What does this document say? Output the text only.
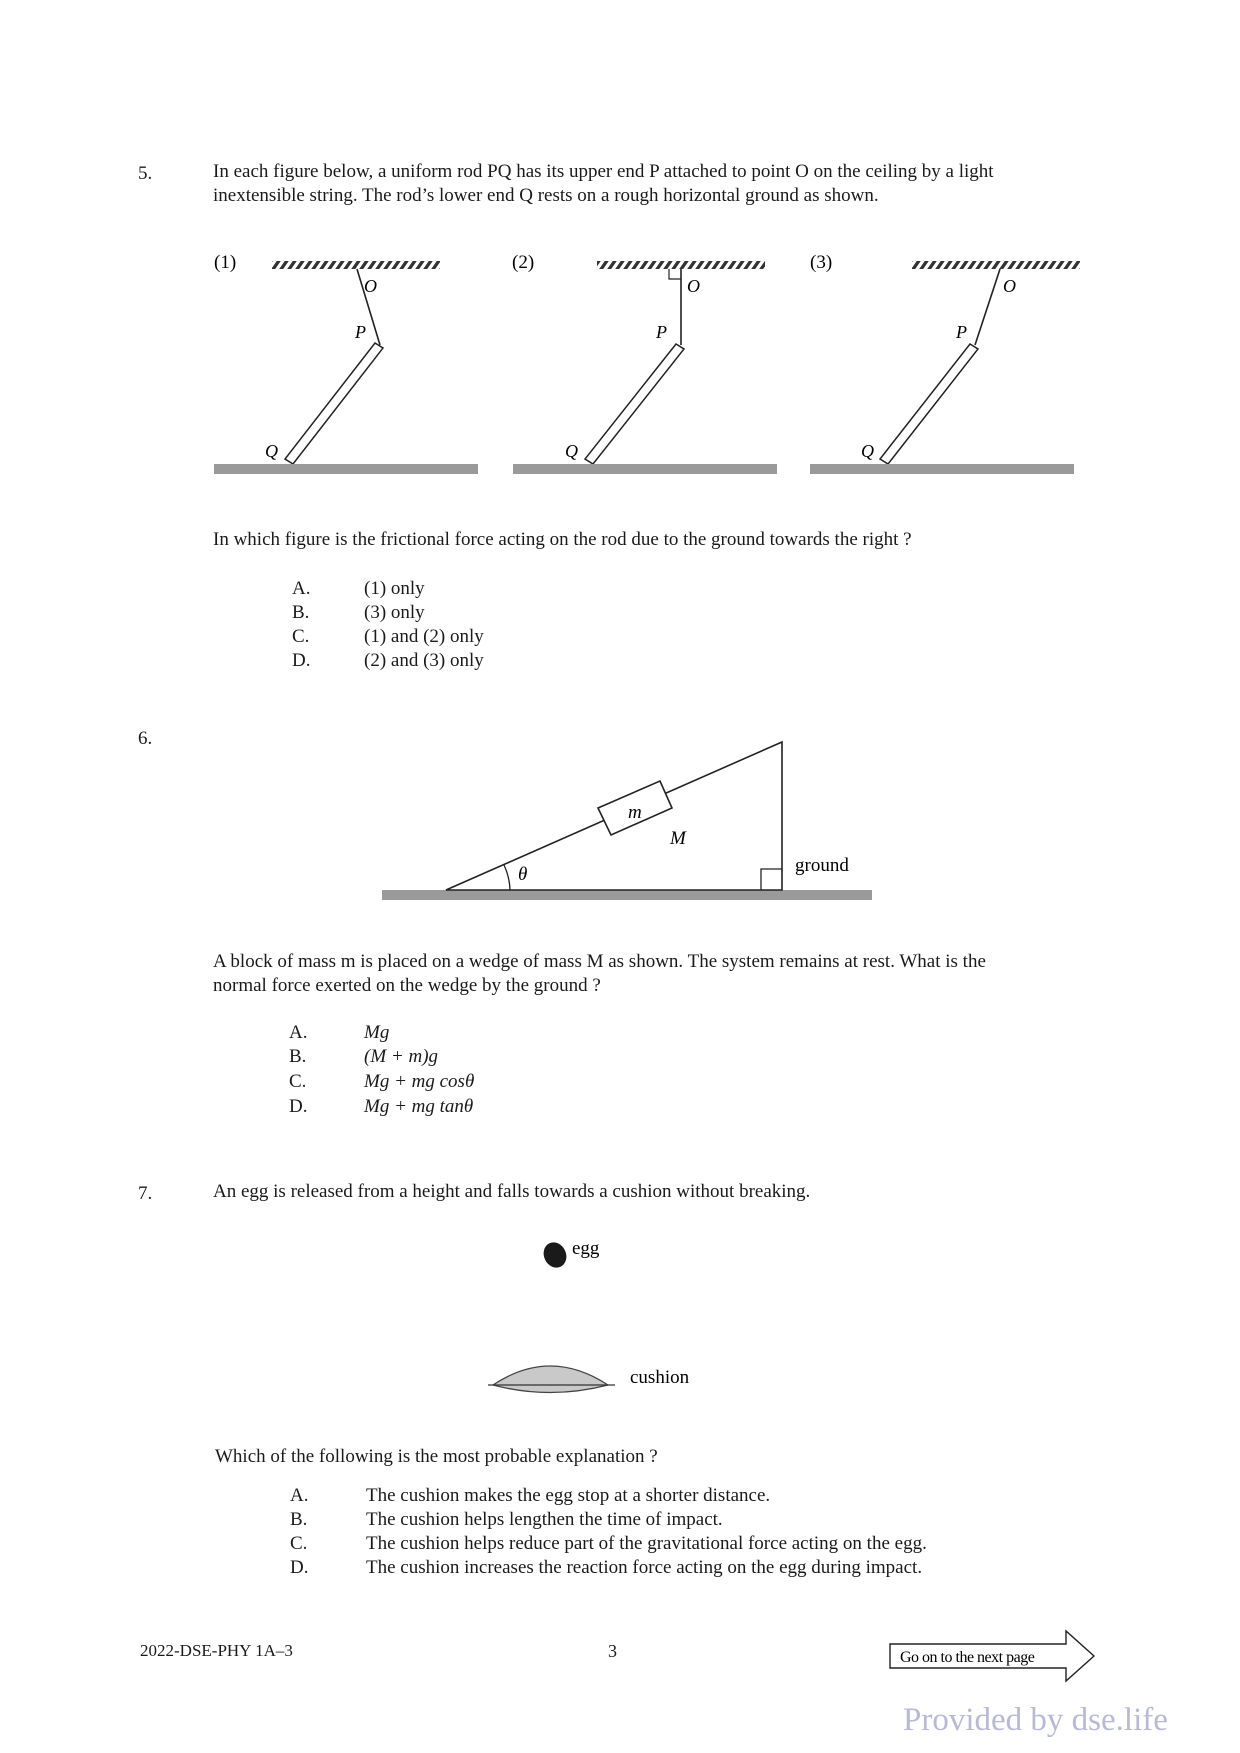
5.	In each figure below, a uniform rod PQ has its upper end P attached to point O on the ceiling by a light
inextensible string. The rod’s lower end Q rests on a rough horizontal ground as shown.
(1)
O
P
Q
(2)
O
P
Q
(3)
O
P
Q
In which figure is the frictional force acting on the rod due to the ground towards the right ?
A.	(1) only
B.	(3) only
C.	(1) and (2) only
D.	(2) and (3) only
6.
θ
M
m
ground
A block of mass m is placed on a wedge of mass M as shown. The system remains at rest. What is the
normal force exerted on the wedge by the ground ?
A.	Mg
B.	(M + m)g
C.	Mg + mg cosθ
D.	Mg + mg tanθ
7.	An egg is released from a height and falls towards a cushion without breaking.
egg
cushion
Which of the following is the most probable explanation ?
A.	The cushion makes the egg stop at a shorter distance.
B.	The cushion helps lengthen the time of impact.
C.	The cushion helps reduce part of the gravitational force acting on the egg.
D.	The cushion increases the reaction force acting on the egg during impact.
2022-DSE-PHY 1A–3	3	Go on to the next page
Provided by dse.life
